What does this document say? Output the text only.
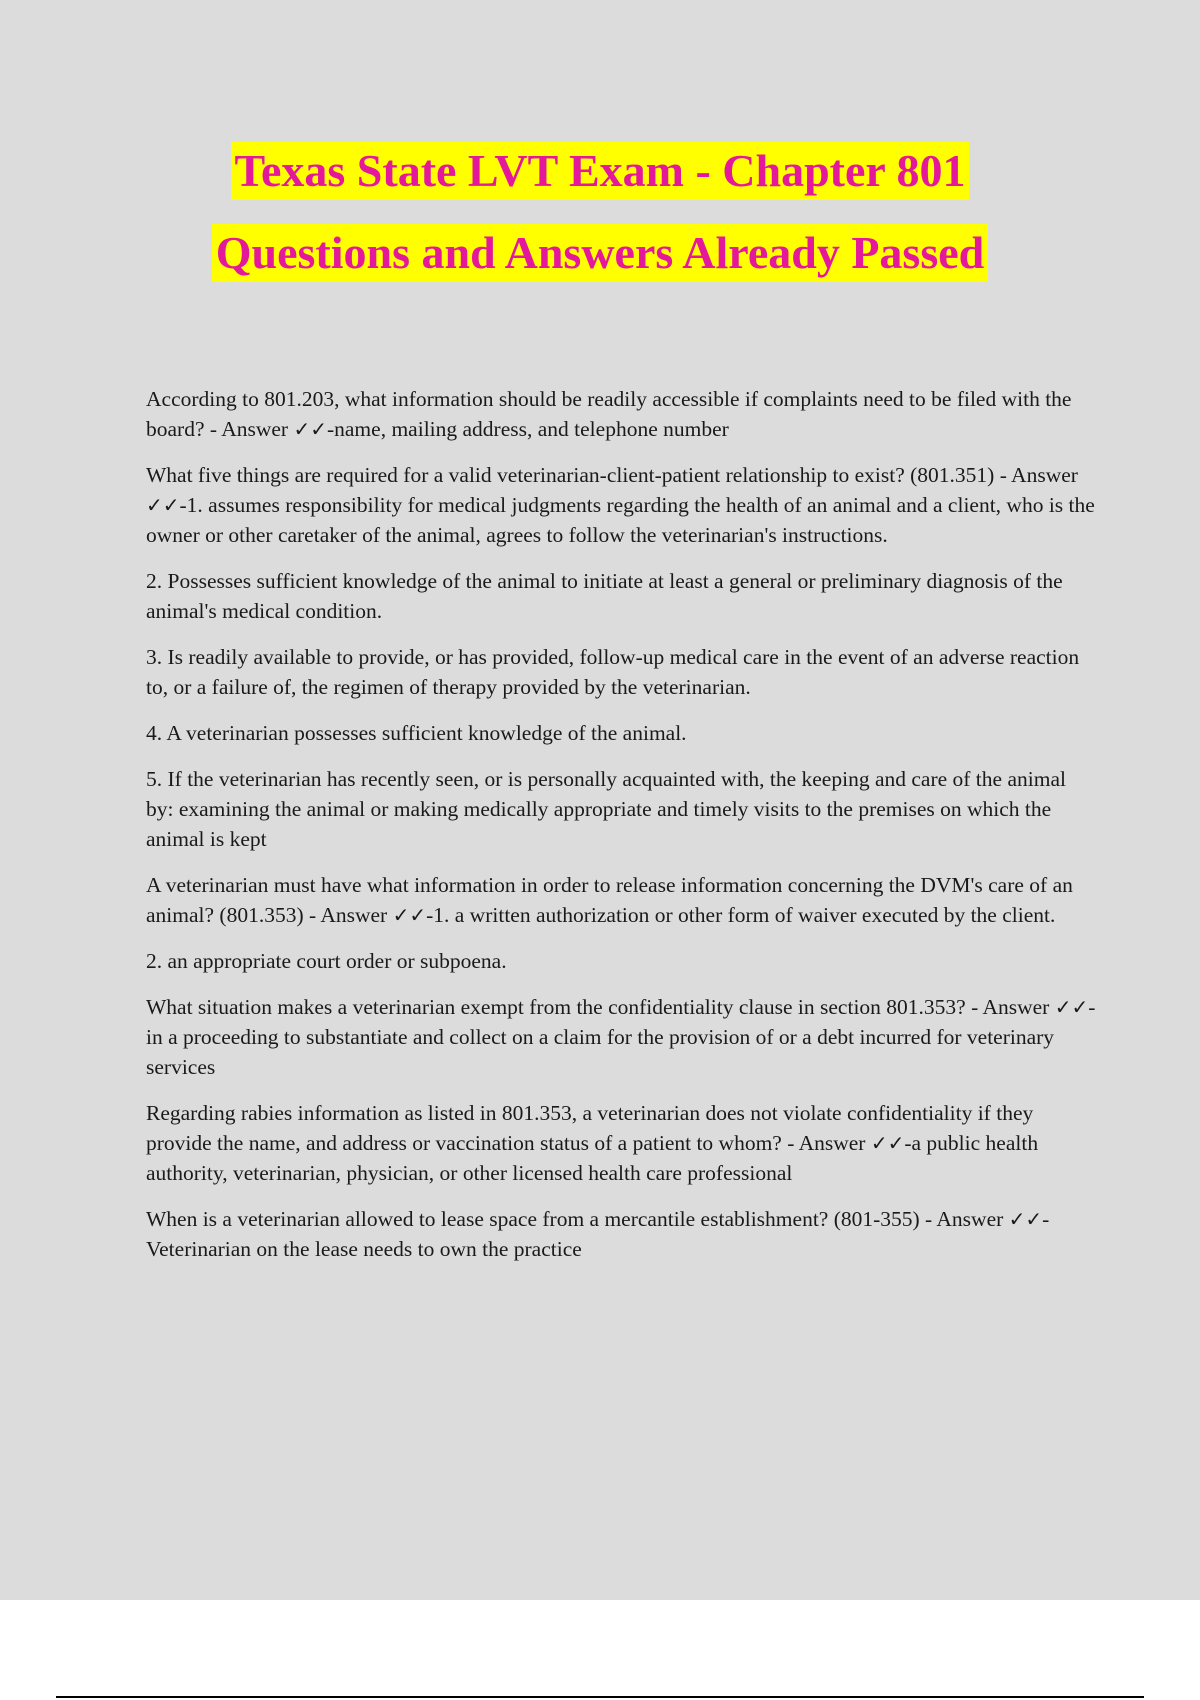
Texas State LVT Exam - Chapter 801
Questions and Answers Already Passed

According to 801.203, what information should be readily accessible if complaints need to be filed with the board? - Answer ✓✓-name, mailing address, and telephone number

What five things are required for a valid veterinarian-client-patient relationship to exist? (801.351) - Answer ✓✓-1. assumes responsibility for medical judgments regarding the health of an animal and a client, who is the owner or other caretaker of the animal, agrees to follow the veterinarian's instructions.

2. Possesses sufficient knowledge of the animal to initiate at least a general or preliminary diagnosis of the animal's medical condition.

3. Is readily available to provide, or has provided, follow-up medical care in the event of an adverse reaction to, or a failure of, the regimen of therapy provided by the veterinarian.

4. A veterinarian possesses sufficient knowledge of the animal.

5. If the veterinarian has recently seen, or is personally acquainted with, the keeping and care of the animal by: examining the animal or making medically appropriate and timely visits to the premises on which the animal is kept

A veterinarian must have what information in order to release information concerning the DVM's care of an animal? (801.353) - Answer ✓✓-1. a written authorization or other form of waiver executed by the client.

2. an appropriate court order or subpoena.

What situation makes a veterinarian exempt from the confidentiality clause in section 801.353? - Answer ✓✓-in a proceeding to substantiate and collect on a claim for the provision of or a debt incurred for veterinary services

Regarding rabies information as listed in 801.353, a veterinarian does not violate confidentiality if they provide the name, and address or vaccination status of a patient to whom? - Answer ✓✓-a public health authority, veterinarian, physician, or other licensed health care professional

When is a veterinarian allowed to lease space from a mercantile establishment? (801-355) - Answer ✓✓-Veterinarian on the lease needs to own the practice
